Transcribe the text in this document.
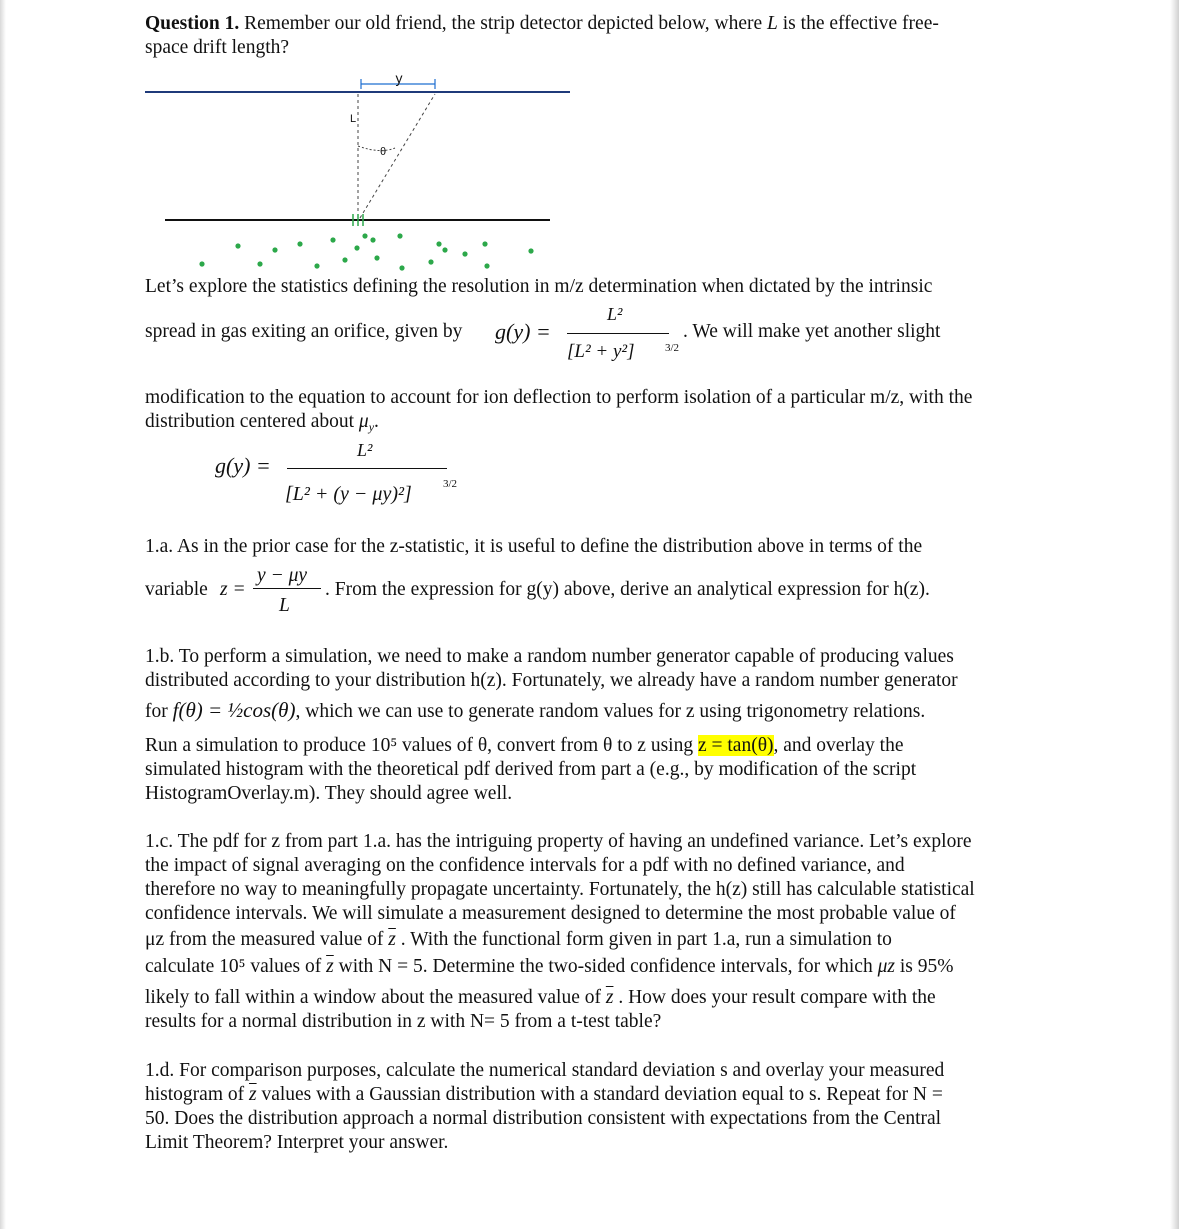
Question 1. Remember our old friend, the strip detector depicted below, where L is the effective free-
space drift length?

y
L
θ

Let’s explore the statistics defining the resolution in m/z determination when dictated by the intrinsic

spread in gas exiting an orifice, given by g(y) =
L²
[L² + y²]	3/2
. We will make yet another slight

modification to the equation to account for ion deflection to perform isolation of a particular m/z, with the

distribution centered about $\mu_y$.

g(y) =
L²
[L² + (y − μy)²]	3/2

1.a. As in the prior case for the z-statistic, it is useful to define the distribution above in terms of the

variable z =
y − μy
L
. From the expression for g(y) above, derive an analytical expression for h(z).

1.b. To perform a simulation, we need to make a random number generator capable of producing values

distributed according to your distribution h(z). Fortunately, we already have a random number generator

for f(θ) = ½cos(θ), which we can use to generate random values for z using trigonometry relations.

Run a simulation to produce 10⁵ values of θ, convert from θ to z using z = tan(θ), and overlay the

simulated histogram with the theoretical pdf derived from part a (e.g., by modification of the script

HistogramOverlay.m). They should agree well.

1.c. The pdf for z from part 1.a. has the intriguing property of having an undefined variance. Let’s explore

the impact of signal averaging on the confidence intervals for a pdf with no defined variance, and

therefore no way to meaningfully propagate uncertainty. Fortunately, the h(z) still has calculable statistical

confidence intervals. We will simulate a measurement designed to determine the most probable value of

μz from the measured value of $\overline{z}$ . With the functional form given in part 1.a, run a simulation to

calculate 10⁵ values of $\overline{z}$ with N = 5. Determine the two-sided confidence intervals, for which μz is 95%

likely to fall within a window about the measured value of $\overline{z}$ . How does your result compare with the

results for a normal distribution in z with N= 5 from a t-test table?

1.d. For comparison purposes, calculate the numerical standard deviation s and overlay your measured

histogram of $\overline{z}$ values with a Gaussian distribution with a standard deviation equal to s. Repeat for N =

50. Does the distribution approach a normal distribution consistent with expectations from the Central

Limit Theorem? Interpret your answer.
